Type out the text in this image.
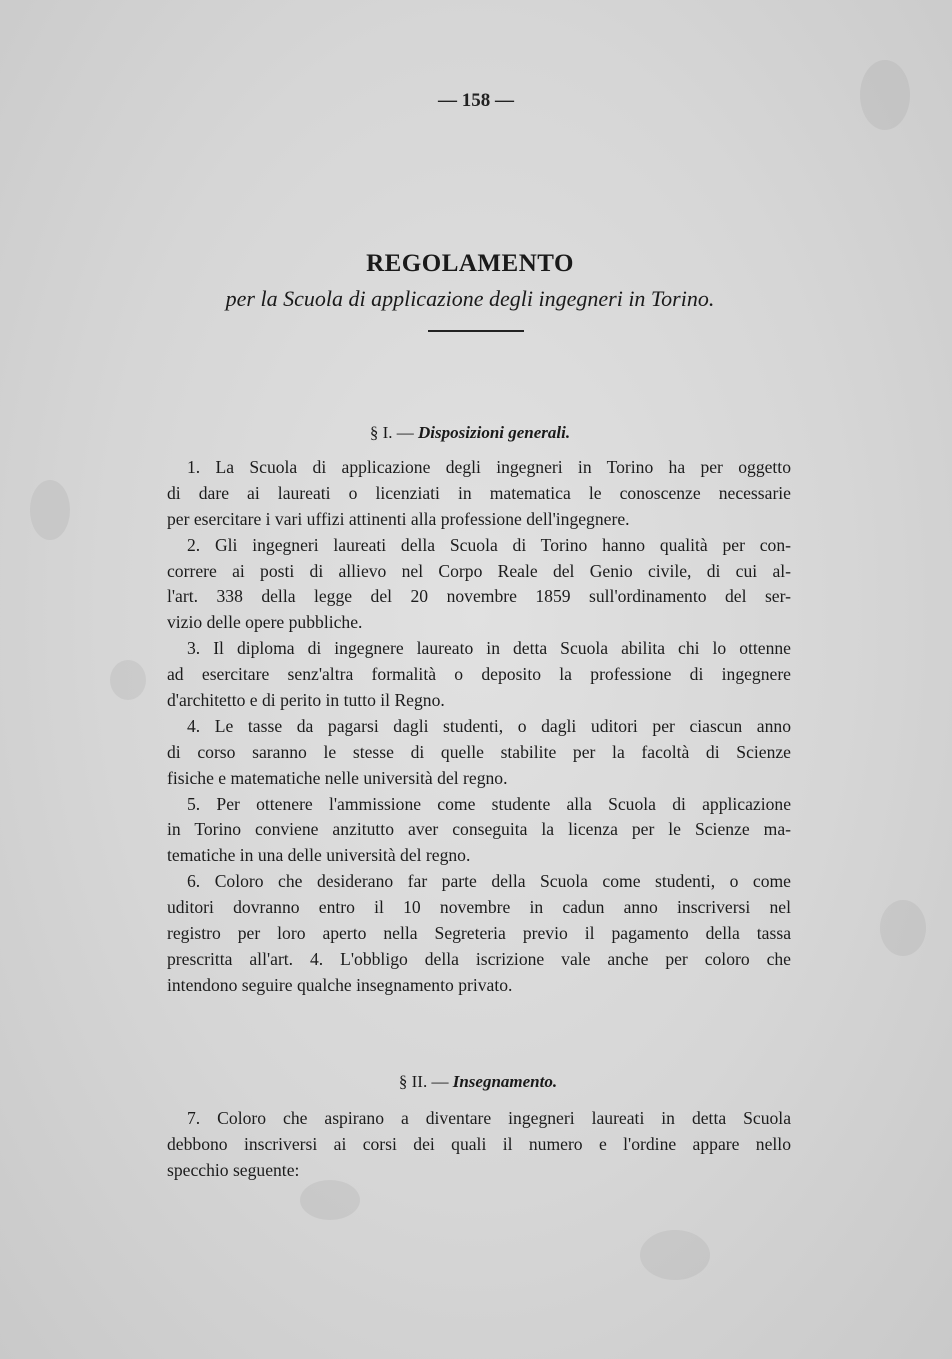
— 158 —
REGOLAMENTO
per la Scuola di applicazione degli ingegneri in Torino.
§ I. — Disposizioni generali.
1. La Scuola di applicazione degli ingegneri in Torino ha per oggetto
di dare ai laureati o licenziati in matematica le conoscenze necessarie
per esercitare i vari uffizi attinenti alla professione dell'ingegnere.
2. Gli ingegneri laureati della Scuola di Torino hanno qualità per con-
correre ai posti di allievo nel Corpo Reale del Genio civile, di cui al-
l'art. 338 della legge del 20 novembre 1859 sull'ordinamento del ser-
vizio delle opere pubbliche.
3. Il diploma di ingegnere laureato in detta Scuola abilita chi lo ottenne
ad esercitare senz'altra formalità o deposito la professione di ingegnere
d'architetto e di perito in tutto il Regno.
4. Le tasse da pagarsi dagli studenti, o dagli uditori per ciascun anno
di corso saranno le stesse di quelle stabilite per la facoltà di Scienze
fisiche e matematiche nelle università del regno.
5. Per ottenere l'ammissione come studente alla Scuola di applicazione
in Torino conviene anzitutto aver conseguita la licenza per le Scienze ma-
tematiche in una delle università del regno.
6. Coloro che desiderano far parte della Scuola come studenti, o come
uditori dovranno entro il 10 novembre in cadun anno inscriversi nel
registro per loro aperto nella Segreteria previo il pagamento della tassa
prescritta all'art. 4. L'obbligo della iscrizione vale anche per coloro che
intendono seguire qualche insegnamento privato.
§ II. — Insegnamento.
7. Coloro che aspirano a diventare ingegneri laureati in detta Scuola
debbono inscriversi ai corsi dei quali il numero e l'ordine appare nello
specchio seguente:
